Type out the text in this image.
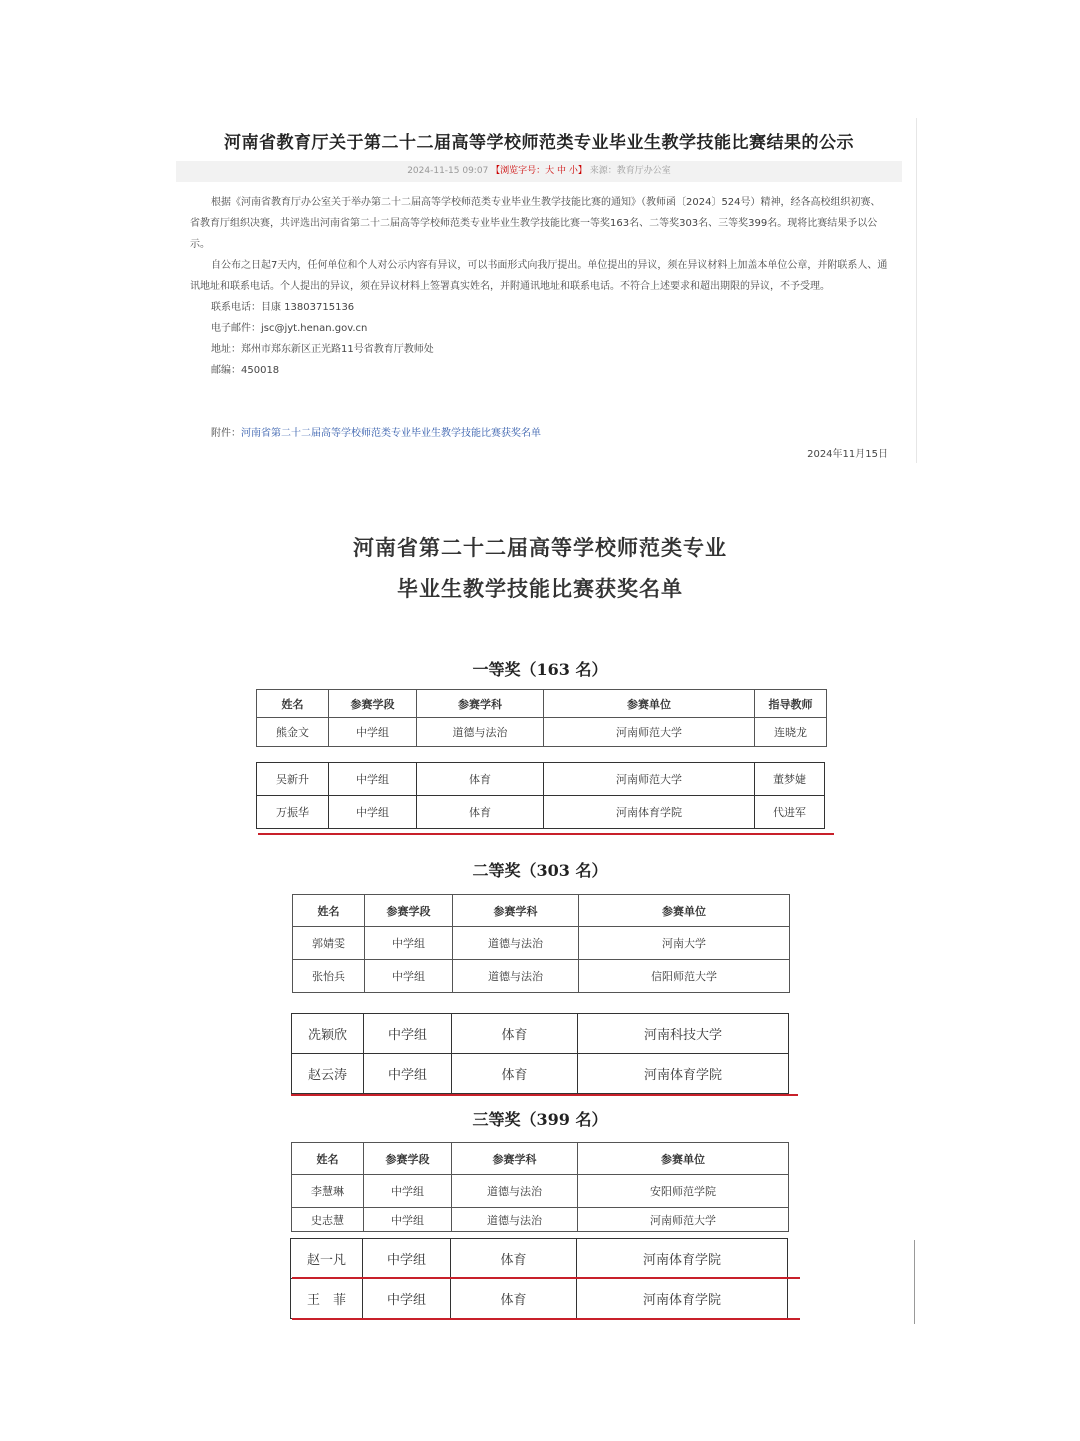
河南省教育厅关于第二十二届高等学校师范类专业毕业生教学技能比赛结果的公示
2024-11-15 09:07 【浏览字号：大 中 小】 来源：教育厅办公室

根据《河南省教育厅办公室关于举办第二十二届高等学校师范类专业毕业生教学技能比赛的通知》（教师函〔2024〕524号）精神，经各高校组织初赛、省教育厅组织决赛，共评选出河南省第二十二届高等学校师范类专业毕业生教学技能比赛一等奖163名、二等奖303名、三等奖399名。现将比赛结果予以公示。

自公布之日起7天内，任何单位和个人对公示内容有异议，可以书面形式向我厅提出。单位提出的异议，须在异议材料上加盖本单位公章，并附联系人、通讯地址和联系电话。个人提出的异议，须在异议材料上签署真实姓名，并附通讯地址和联系电话。不符合上述要求和超出期限的异议，不予受理。

联系电话：目康 13803715136

电子邮件：jsc@jyt.henan.gov.cn

地址：郑州市郑东新区正光路11号省教育厅教师处

邮编：450018

附件：河南省第二十二届高等学校师范类专业毕业生教学技能比赛获奖名单
2024年11月15日
河南省第二十二届高等学校师范类专业
毕业生教学技能比赛获奖名单
一等奖（163 名）
姓名	参赛学段	参赛学科	参赛单位	指导教师
熊金文	中学组	道德与法治	河南师范大学	连晓龙
吴新升	中学组	体育	河南师范大学	董梦婕
万振华	中学组	体育	河南体育学院	代进军
二等奖（303 名）
姓名	参赛学段	参赛学科	参赛单位
郭婧雯	中学组	道德与法治	河南大学
张怡兵	中学组	道德与法治	信阳师范大学
冼颖欣	中学组	体育	河南科技大学
赵云涛	中学组	体育	河南体育学院
三等奖（399 名）
姓名	参赛学段	参赛学科	参赛单位
李慧琳	中学组	道德与法治	安阳师范学院
史志慧	中学组	道德与法治	河南师范大学
赵一凡	中学组	体育	河南体育学院
王　菲	中学组	体育	河南体育学院
